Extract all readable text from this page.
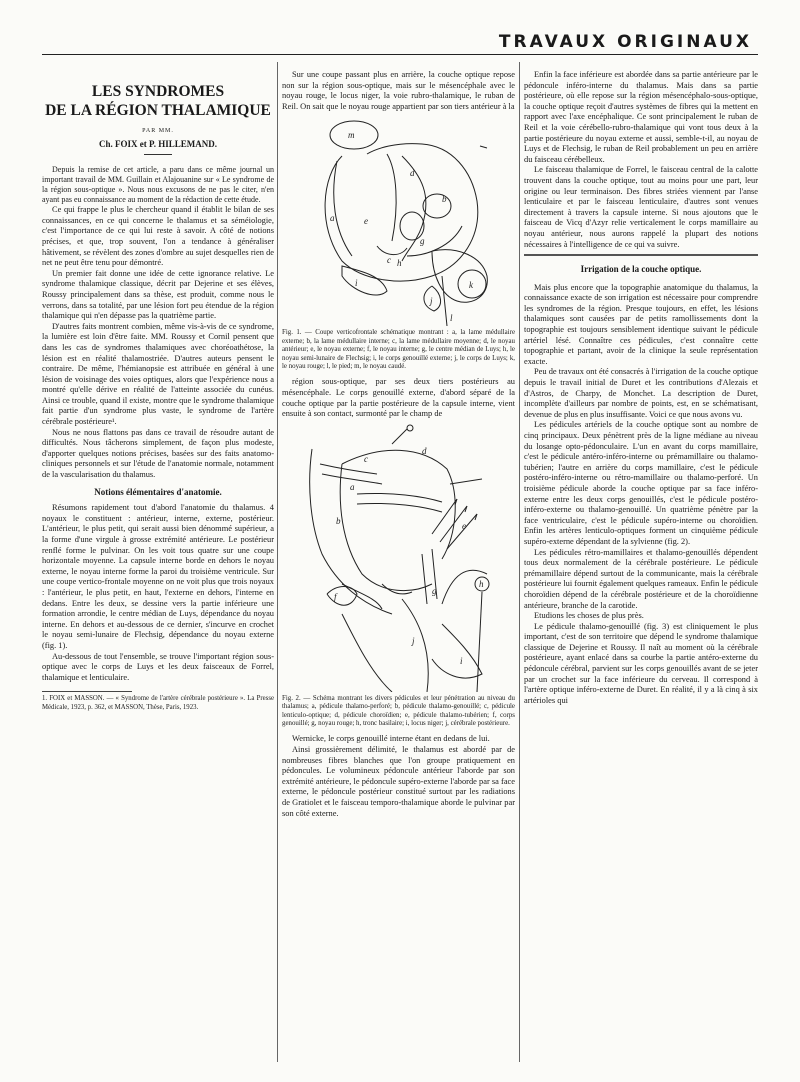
TRAVAUX ORIGINAUX
LES SYNDROMES
DE LA RÉGION THALAMIQUE
PAR MM.
Ch. FOIX et P. HILLEMAND.

Depuis la remise de cet article, a paru dans ce même journal un important travail de MM. Guillain et Alajouanine sur « Le syndrome de la région sous-optique ». Nous nous excusons de ne pas le citer, n'en ayant pas eu connaissance au moment de la rédaction de cette étude.

Ce qui frappe le plus le chercheur quand il établit le bilan de ses connaissances, en ce qui concerne le thalamus et sa séméiologie, c'est l'importance de ce qui lui reste à savoir. A côté de notions précises, et que, trop souvent, l'on a tendance à généraliser hâtivement, se révèlent des zones d'ombre au sujet desquelles rien de net ne peut être tenu pour démontré.

Un premier fait donne une idée de cette ignorance relative. Le syndrome thalamique classique, décrit par Dejerine et ses élèves, Roussy principalement dans sa thèse, est produit, comme nous le verrons, dans sa totalité, par une lésion fort peu étendue de la région thalamique qui n'en dépasse pas la quatrième partie.

D'autres faits montrent combien, même vis-à-vis de ce syndrome, la lumière est loin d'être faite. MM. Roussy et Cornil pensent que dans les cas de syndromes thalamiques avec choréoathétose, la lésion est en réalité thalamostriée. D'autres auteurs pensent le contraire. De même, l'hémianopsie est attribuée en général à une lésion de voisinage des voies optiques, alors que l'expérience nous a montré qu'elle dérive en réalité de l'atteinte associée du cunéus. Ainsi ce trouble, quand il existe, montre que le syndrome thalamique fait partie d'un syndrome plus vaste, le syndrome de l'artère cérébrale postérieure¹.

Nous ne nous flattons pas dans ce travail de résoudre autant de difficultés. Nous tâcherons simplement, de façon plus modeste, d'apporter quelques notions précises, basées sur des faits anatomo-cliniques personnels et sur l'étude de l'anatomie normale, notamment de la vascularisation du thalamus.

Notions élémentaires d'anatomie.

Résumons rapidement tout d'abord l'anatomie du thalamus. 4 noyaux le constituent : antérieur, interne, externe, postérieur. L'antérieur, le plus petit, qui serait aussi bien dénommé supérieur, a la forme d'une virgule à grosse extrémité antérieure. Le postérieur renflé forme le pulvinar. On les voit tous quatre sur une coupe horizontale moyenne. La capsule interne borde en dehors le noyau externe, le noyau interne forme la paroi du troisième ventricule. Sur une coupe vertico-frontale moyenne on ne voit plus que trois noyaux : l'antérieur, le plus petit, en haut, l'externe en dehors, l'interne en dedans. Entre les deux, se dessine vers la partie inférieure une formation arrondie, le centre médian de Luys, dépendance du noyau interne. En dehors et au-dessous de ce dernier, s'incurve en crochet le noyau semi-lunaire de Flechsig, dépendance du noyau externe (fig. 1).

Au-dessous de tout l'ensemble, se trouve l'important région sous-optique avec le corps de Luys et les deux faisceaux de Forrel, thalamique et lenticulaire.

1. FOIX et MASSON. — « Syndrome de l'artère cérébrale postérieure ». La Presse Médicale, 1923, p. 362, et MASSON, Thèse, Paris, 1923.

Sur une coupe passant plus en arrière, la couche optique repose non sur la région sous-optique, mais sur le mésencéphale avec le noyau rouge, le locus niger, la voie rubro-thalamique, le ruban de Reil. On sait que le noyau rouge appartient par son tiers antérieur à la

m
a	e
d
b
g
c h
i
j
k
l
Fig. 1. — Coupe verticofrontale schématique montrant : a, la lame médullaire externe; b, la lame médullaire interne; c, la lame médullaire moyenne; d, le noyau antérieur; e, le noyau externe; f, le noyau interne; g, le centre médian de Luys; h, le noyau semi-lunaire de Flechsig; i, le corps genouillé externe; j, le corps de Luys; k, le noyau rouge; l, le pied; m, le noyau caudé.

région sous-optique, par ses deux tiers postérieurs au mésencéphale. Le corps genouillé externe, d'abord séparé de la couche optique par la partie postérieure de la capsule interne, vient ensuite à son contact, surmonté par le champ de

c
d
a
b	e
f
g
h
j
i
Fig. 2. — Schéma montrant les divers pédicules et leur pénétration au niveau du thalamus; a, pédicule thalamo-perforé; b, pédicule thalamo-genouillé; c, pédicule lenticulo-optique; d, pédicule choroïdien; e, pédicule thalamo-tubérien; f, corps genouillé; g, noyau rouge; h, tronc basilaire; i, locus niger; j, cérébrale postérieure.

Wernicke, le corps genouillé interne étant en dedans de lui.

Ainsi grossièrement délimité, le thalamus est abordé par de nombreuses fibres blanches que l'on groupe pratiquement en pédoncules. Le volumineux pédoncule antérieur l'aborde par son extrémité antérieure, le pédoncule supéro-externe l'aborde par sa face externe, le pédoncule postérieur constitué surtout par les radiations de Gratiolet et le faisceau temporo-thalamique aborde le pulvinar par son côté externe.

Enfin la face inférieure est abordée dans sa partie antérieure par le pédoncule inféro-interne du thalamus. Mais dans sa partie postérieure, où elle repose sur la région mésencéphalo-sous-optique, la couche optique reçoit d'autres systèmes de fibres qui la mettent en rapport avec l'axe encéphalique. Ce sont principalement le ruban de Reil et la voie cérébello-rubro-thalamique qui vont tous deux à la partie postérieure du noyau externe et aussi, semble-t-il, au noyau de Luys et de Flechsig, le ruban de Reil probablement un peu en arrière du faisceau cérébelleux.

Le faisceau thalamique de Forrel, le faisceau central de la calotte trouvent dans la couche optique, tout au moins pour une part, leur origine ou leur terminaison. Des fibres striées viennent par l'anse lenticulaire et par le faisceau lenticulaire, d'autres sont venues directement à travers la capsule interne. Si nous ajoutons que le faisceau de Vicq d'Azyr relie verticalement le corps mamillaire au noyau antérieur, nous aurons rappelé la plupart des notions nécessaires à l'intelligence de ce qui va suivre.

Irrigation de la couche optique.

Mais plus encore que la topographie anatomique du thalamus, la connaissance exacte de son irrigation est nécessaire pour comprendre les syndromes de la région. Presque toujours, en effet, les lésions thalamiques sont causées par de petits ramollissements dont la topographie est toujours sensiblement identique suivant le pédicule artériel lésé. Connaître ces pédicules, c'est connaître cette topographie et partant, avoir de la clinique la seule représentation exacte.

Peu de travaux ont été consacrés à l'irrigation de la couche optique depuis le travail initial de Duret et les contributions d'Alezais et d'Astros, de Charpy, de Monchet. La description de Duret, incomplète d'ailleurs par nombre de points, est, en se schématisant, devenue de plus en plus insuffisante. Voici ce que nous avons vu.

Les pédicules artériels de la couche optique sont au nombre de cinq principaux. Deux pénètrent près de la ligne médiane au niveau du losange opto-pédonculaire. L'un en avant du corps mamillaire, c'est le pédicule antéro-inféro-interne ou prémamillaire ou thalamo-tubérien; l'autre en arrière du corps mamillaire, c'est le pédicule postéro-inféro-interne ou rétro-mamillaire ou thalamo-perforé. Un troisième pédicule aborde la couche optique par sa face inféro-externe entre les deux corps genouillés, c'est le pédicule postéro-inféro-externe ou thalamo-genouillé. Un quatrième pénètre par la face ventriculaire, c'est le pédicule supéro-interne ou choroïdien. Enfin les artères lenticulo-optiques forment un cinquième pédicule supéro-externe dépendant de la sylvienne (fig. 2).

Les pédicules rétro-mamillaires et thalamo-genouillés dépendent tous deux normalement de la cérébrale postérieure. Le pédicule prémamillaire dépend surtout de la communicante, mais la cérébrale postérieure lui fournit également quelques rameaux. Enfin le pédicule choroïdien dépend de la cérébrale postérieure et de la choroïdienne antérieure, branche de la carotide.

Etudions les choses de plus près.

Le pédicule thalamo-genouillé (fig. 3) est cliniquement le plus important, c'est de son territoire que dépend le syndrome thalamique classique de Dejerine et Roussy. Il naît au moment où la cérébrale postérieure, ayant enlacé dans sa courbe la partie antéro-externe du pédoncule cérébral, parvient sur les corps genouillés avant de se jeter par un crochet sur la face inférieure du cerveau. Il correspond à l'artère optique inféro-externe de Duret. En réalité, il y a là cinq à six artérioles qui
